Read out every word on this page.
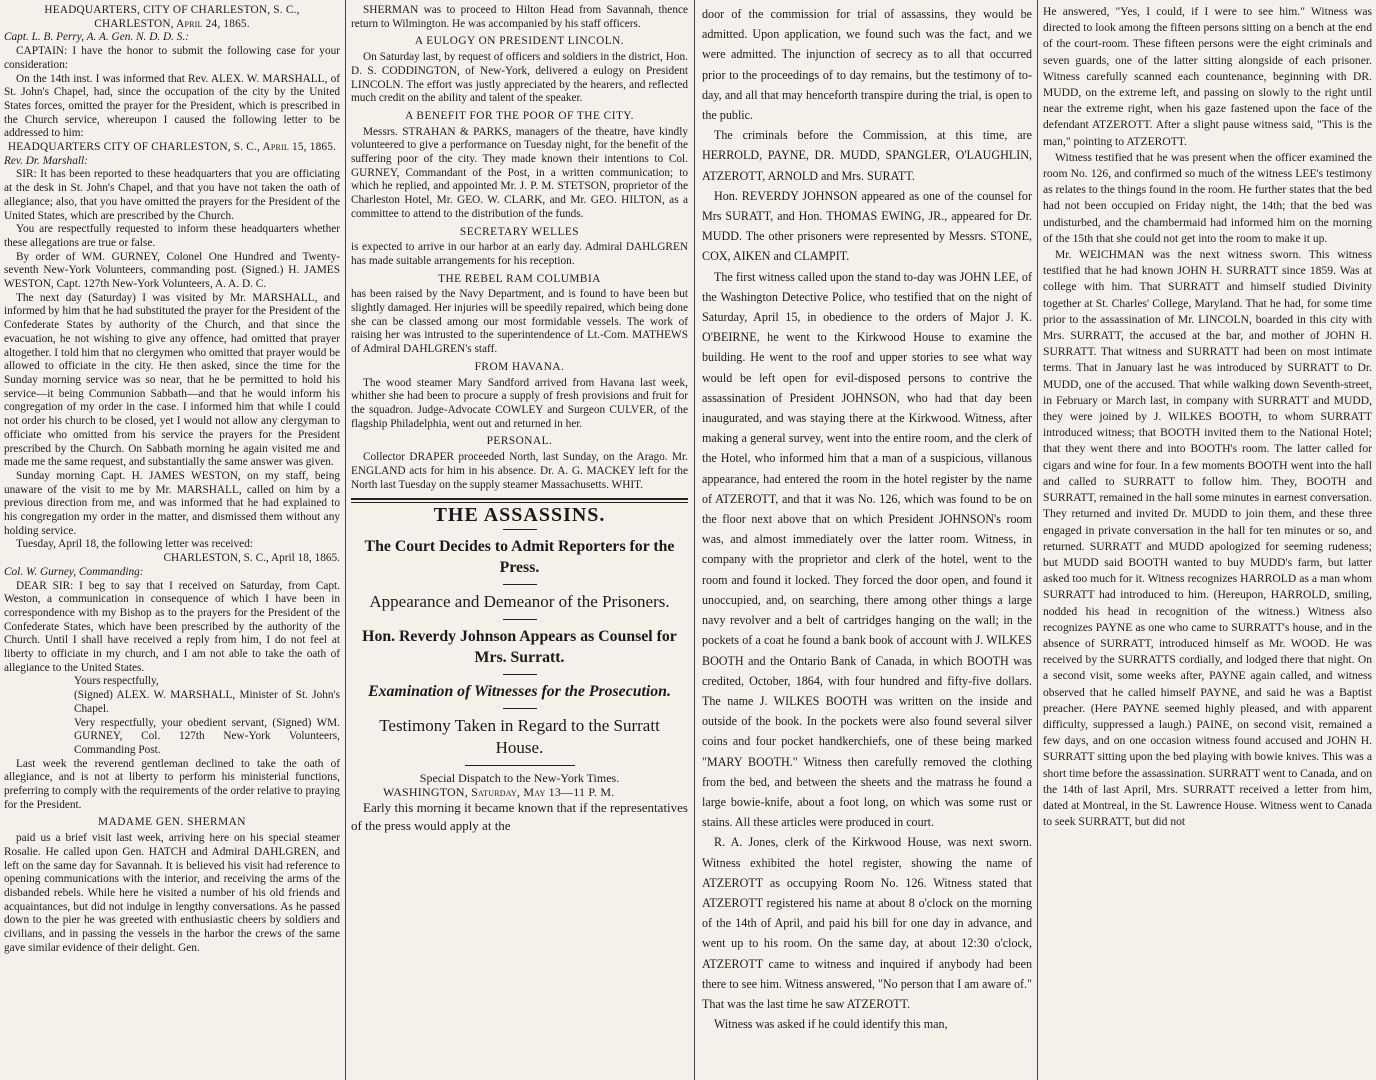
HEADQUARTERS, CITY OF CHARLESTON, S. C., CHARLESTON, April 24, 1865.

Capt. L. B. Perry, A. A. Gen. N. D. D. S.:

CAPTAIN: I have the honor to submit the following case for your consideration:

On the 14th inst. I was informed that Rev. ALEX. W. MARSHALL, of St. John's Chapel, had, since the occupation of the city by the United States forces, omitted the prayer for the President, which is prescribed in the Church service, whereupon I caused the following letter to be addressed to him:

HEADQUARTERS CITY OF CHARLESTON, S. C., April 15, 1865.

Rev. Dr. Marshall:

SIR: It has been reported to these headquarters that you are officiating at the desk in St. John's Chapel, and that you have not taken the oath of allegiance; also, that you have omitted the prayers for the President of the United States, which are prescribed by the Church.

You are respectfully requested to inform these headquarters whether these allegations are true or false.

By order of WM. GURNEY, Colonel One Hundred and Twenty-seventh New-York Volunteers, commanding post. (Signed.) H. JAMES WESTON, Capt. 127th New-York Volunteers, A. A. D. C.

The next day (Saturday) I was visited by Mr. MARSHALL, and informed by him that he had substituted the prayer for the President of the Confederate States by authority of the Church, and that since the evacuation, he not wishing to give any offence, had omitted that prayer altogether. I told him that no clergymen who omitted that prayer would be allowed to officiate in the city. He then asked, since the time for the Sunday morning service was so near, that he be permitted to hold his service—it being Communion Sabbath—and that he would inform his congregation of my order in the case. I informed him that while I could not order his church to be closed, yet I would not allow any clergyman to officiate who omitted from his service the prayers for the President prescribed by the Church. On Sabbath morning he again visited me and made me the same request, and substantially the same answer was given.

Sunday morning Capt. H. JAMES WESTON, on my staff, being unaware of the visit to me by Mr. MARSHALL, called on him by a previous direction from me, and was informed that he had explained to his congregation my order in the matter, and dismissed them without any holding service.

Tuesday, April 18, the following letter was received:

CHARLESTON, S. C., April 18, 1865.

Col. W. Gurney, Commanding:

DEAR SIR: I beg to say that I received on Saturday, from Capt. Weston, a communication in consequence of which I have been in correspondence with my Bishop as to the prayers for the President of the Confederate States, which have been prescribed by the authority of the Church. Until I shall have received a reply from him, I do not feel at liberty to officiate in my church, and I am not able to take the oath of allegiance to the United States.

Yours respectfully,

(Signed) ALEX. W. MARSHALL, Minister of St. John's Chapel.

Very respectfully, your obedient servant, (Signed) WM. GURNEY, Col. 127th New-York Volunteers, Commanding Post.

Last week the reverend gentleman declined to take the oath of allegiance, and is not at liberty to perform his ministerial functions, preferring to comply with the requirements of the order relative to praying for the President.

MADAME GEN. SHERMAN

paid us a brief visit last week, arriving here on his special steamer Rosalie. He called upon Gen. HATCH and Admiral DAHLGREN, and left on the same day for Savannah. It is believed his visit had reference to opening communications with the interior, and receiving the arms of the disbanded rebels. While here he visited a number of his old friends and acquaintances, but did not indulge in lengthy conversations. As he passed down to the pier he was greeted with enthusiastic cheers by soldiers and civilians, and in passing the vessels in the harbor the crews of the same gave similar evidence of their delight. Gen.

SHERMAN was to proceed to Hilton Head from Savannah, thence return to Wilmington. He was accompanied by his staff officers.

A EULOGY ON PRESIDENT LINCOLN.

On Saturday last, by request of officers and soldiers in the district, Hon. D. S. CODDINGTON, of New-York, delivered a eulogy on President LINCOLN. The effort was justly appreciated by the hearers, and reflected much credit on the ability and talent of the speaker.

A BENEFIT FOR THE POOR OF THE CITY.

Messrs. STRAHAN & PARKS, managers of the theatre, have kindly volunteered to give a performance on Tuesday night, for the benefit of the suffering poor of the city. They made known their intentions to Col. GURNEY, Commandant of the Post, in a written communication; to which he replied, and appointed Mr. J. P. M. STETSON, proprietor of the Charleston Hotel, Mr. GEO. W. CLARK, and Mr. GEO. HILTON, as a committee to attend to the distribution of the funds.

SECRETARY WELLES

is expected to arrive in our harbor at an early day. Admiral DAHLGREN has made suitable arrangements for his reception.

THE REBEL RAM COLUMBIA

has been raised by the Navy Department, and is found to have been but slightly damaged. Her injuries will be speedily repaired, which being done she can be classed among our most formidable vessels. The work of raising her was intrusted to the superintendence of Lt.-Com. MATHEWS of Admiral DAHLGREN's staff.

FROM HAVANA.

The wood steamer Mary Sandford arrived from Havana last week, whither she had been to procure a supply of fresh provisions and fruit for the squadron. Judge-Advocate COWLEY and Surgeon CULVER, of the flagship Philadelphia, went out and returned in her.

PERSONAL.

Collector DRAPER proceeded North, last Sunday, on the Arago. Mr. ENGLAND acts for him in his absence. Dr. A. G. MACKEY left for the North last Tuesday on the supply steamer Massachusetts. WHIT.

THE ASSASSINS.
The Court Decides to Admit Reporters for the Press.
Appearance and Demeanor of the Prisoners.
Hon. Reverdy Johnson Appears as Counsel for Mrs. Surratt.
Examination of Witnesses for the Prosecution.
Testimony Taken in Regard to the Surratt House.

Special Dispatch to the New-York Times.

WASHINGTON, Saturday, May 13—11 P. M.

Early this morning it became known that if the representatives of the press would apply at the

door of the commission for trial of assassins, they would be admitted. Upon application, we found such was the fact, and we were admitted. The injunction of secrecy as to all that occurred prior to the proceedings of to day remains, but the testimony of to-day, and all that may henceforth transpire during the trial, is open to the public.

The criminals before the Commission, at this time, are HERROLD, PAYNE, DR. MUDD, SPANGLER, O'LAUGHLIN, ATZEROTT, ARNOLD and Mrs. SURATT.

Hon. REVERDY JOHNSON appeared as one of the counsel for Mrs SURATT, and Hon. THOMAS EWING, JR., appeared for Dr. MUDD. The other prisoners were represented by Messrs. STONE, COX, AIKEN and CLAMPIT.

The first witness called upon the stand to-day was JOHN LEE, of the Washington Detective Police, who testified that on the night of Saturday, April 15, in obedience to the orders of Major J. K. O'BEIRNE, he went to the Kirkwood House to examine the building. He went to the roof and upper stories to see what way would be left open for evil-disposed persons to contrive the assassination of President JOHNSON, who had that day been inaugurated, and was staying there at the Kirkwood. Witness, after making a general survey, went into the entire room, and the clerk of the Hotel, who informed him that a man of a suspicious, villanous appearance, had entered the room in the hotel register by the name of ATZEROTT, and that it was No. 126, which was found to be on the floor next above that on which President JOHNSON's room was, and almost immediately over the latter room. Witness, in company with the proprietor and clerk of the hotel, went to the room and found it locked. They forced the door open, and found it unoccupied, and, on searching, there among other things a large navy revolver and a belt of cartridges hanging on the wall; in the pockets of a coat he found a bank book of account with J. WILKES BOOTH and the Ontario Bank of Canada, in which BOOTH was credited, October, 1864, with four hundred and fifty-five dollars. The name J. WILKES BOOTH was written on the inside and outside of the book. In the pockets were also found several silver coins and four pocket handkerchiefs, one of these being marked "MARY BOOTH." Witness then carefully removed the clothing from the bed, and between the sheets and the matrass he found a large bowie-knife, about a foot long, on which was some rust or stains. All these articles were produced in court.

R. A. Jones, clerk of the Kirkwood House, was next sworn. Witness exhibited the hotel register, showing the name of ATZEROTT as occupying Room No. 126. Witness stated that ATZEROTT registered his name at about 8 o'clock on the morning of the 14th of April, and paid his bill for one day in advance, and went up to his room. On the same day, at about 12:30 o'clock, ATZEROTT came to witness and inquired if anybody had been there to see him. Witness answered, "No person that I am aware of." That was the last time he saw ATZEROTT.

Witness was asked if he could identify this man,

He answered, "Yes, I could, if I were to see him." Witness was directed to look among the fifteen persons sitting on a bench at the end of the court-room. These fifteen persons were the eight criminals and seven guards, one of the latter sitting alongside of each prisoner. Witness carefully scanned each countenance, beginning with DR. MUDD, on the extreme left, and passing on slowly to the right until near the extreme right, when his gaze fastened upon the face of the defendant ATZEROTT. After a slight pause witness said, "This is the man," pointing to ATZEROTT.

Witness testified that he was present when the officer examined the room No. 126, and confirmed so much of the witness LEE's testimony as relates to the things found in the room. He further states that the bed had not been occupied on Friday night, the 14th; that the bed was undisturbed, and the chambermaid had informed him on the morning of the 15th that she could not get into the room to make it up.

Mr. WEICHMAN was the next witness sworn. This witness testified that he had known JOHN H. SURRATT since 1859. Was at college with him. That SURRATT and himself studied Divinity together at St. Charles' College, Maryland. That he had, for some time prior to the assassination of Mr. LINCOLN, boarded in this city with Mrs. SURRATT, the accused at the bar, and mother of JOHN H. SURRATT. That witness and SURRATT had been on most intimate terms. That in January last he was introduced by SURRATT to Dr. MUDD, one of the accused. That while walking down Seventh-street, in February or March last, in company with SURRATT and MUDD, they were joined by J. WILKES BOOTH, to whom SURRATT introduced witness; that BOOTH invited them to the National Hotel; that they went there and into BOOTH's room. The latter called for cigars and wine for four. In a few moments BOOTH went into the hall and called to SURRATT to follow him. They, BOOTH and SURRATT, remained in the hall some minutes in earnest conversation. They returned and invited Dr. MUDD to join them, and these three engaged in private conversation in the hall for ten minutes or so, and returned. SURRATT and MUDD apologized for seeming rudeness; but MUDD said BOOTH wanted to buy MUDD's farm, but latter asked too much for it. Witness recognizes HARROLD as a man whom SURRATT had introduced to him. (Hereupon, HARROLD, smiling, nodded his head in recognition of the witness.) Witness also recognizes PAYNE as one who came to SURRATT's house, and in the absence of SURRATT, introduced himself as Mr. WOOD. He was received by the SURRATTS cordially, and lodged there that night. On a second visit, some weeks after, PAYNE again called, and witness observed that he called himself PAYNE, and said he was a Baptist preacher. (Here PAYNE seemed highly pleased, and with apparent difficulty, suppressed a laugh.) PAINE, on second visit, remained a few days, and on one occasion witness found accused and JOHN H. SURRATT sitting upon the bed playing with bowie knives. This was a short time before the assassination. SURRATT went to Canada, and on the 14th of last April, Mrs. SURRATT received a letter from him, dated at Montreal, in the St. Lawrence House. Witness went to Canada to seek SURRATT, but did not
